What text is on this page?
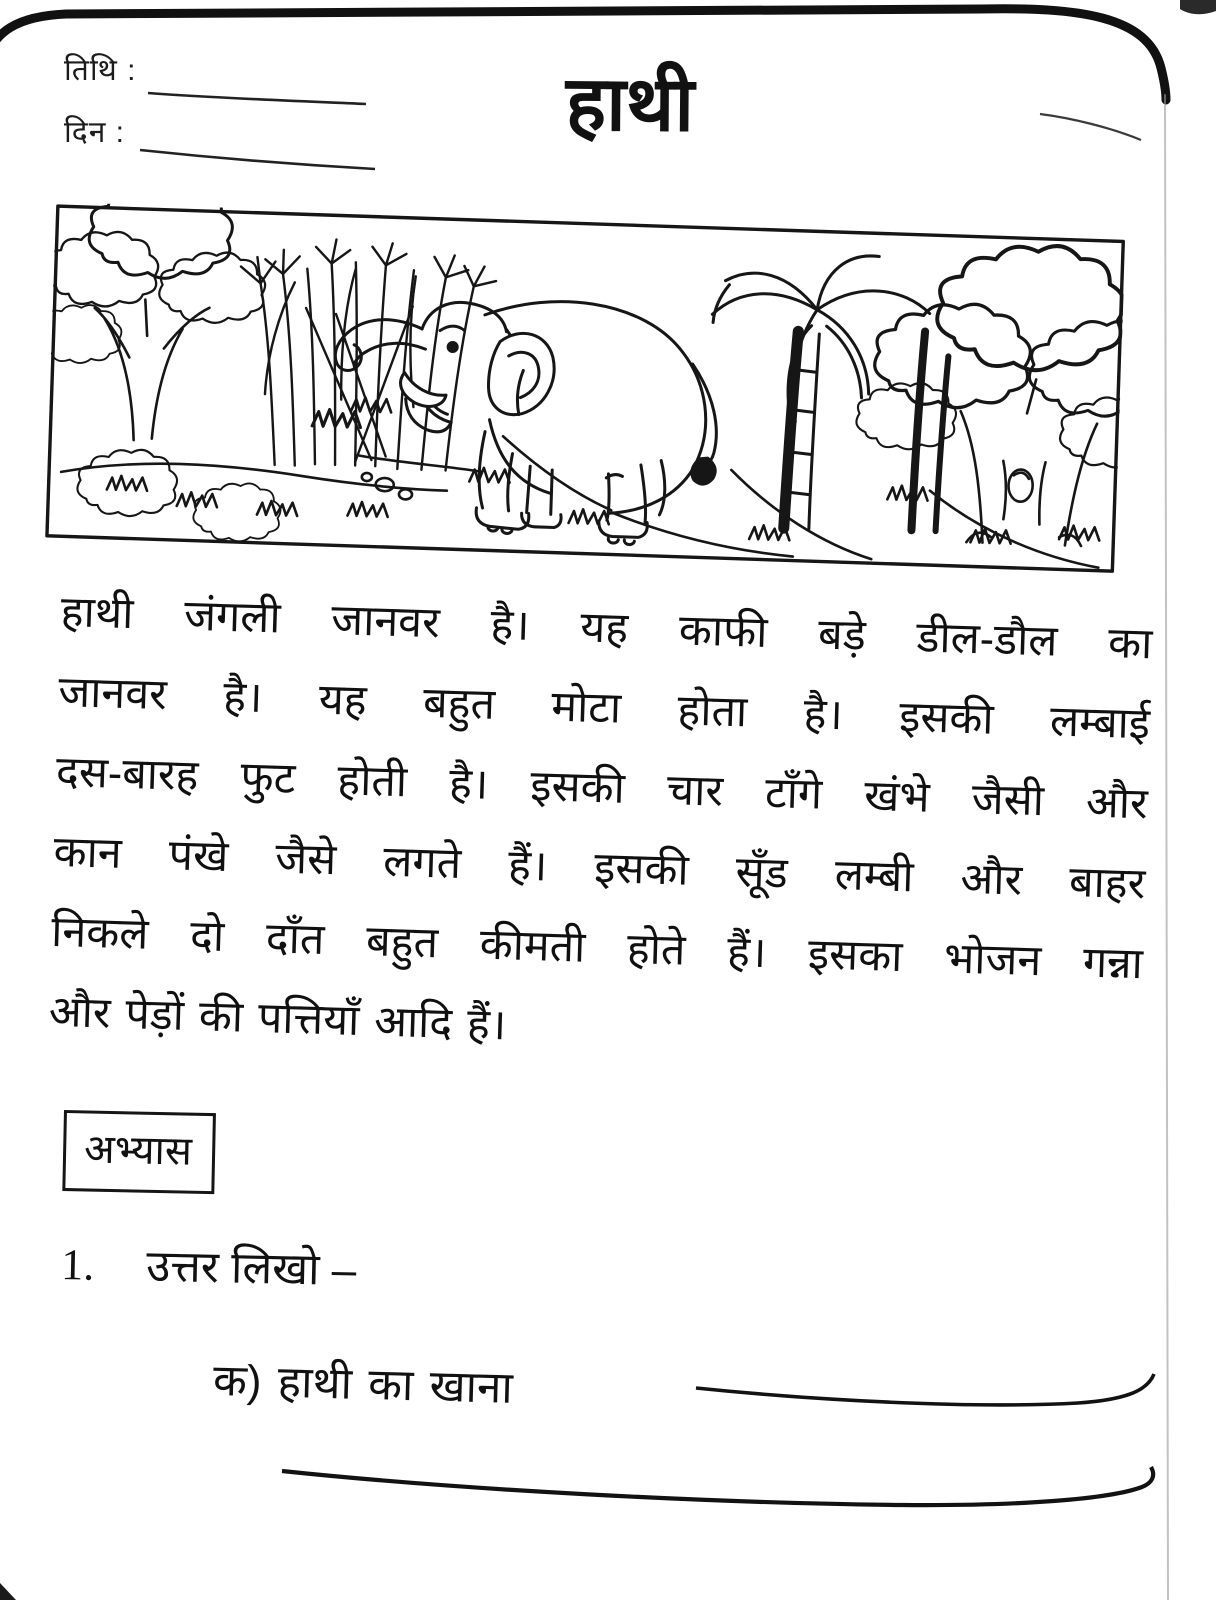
तिथि :
दिन :	हाथी
हाथी जंगली जानवर है। यह काफी बड़े डील-डौल का
जानवर है। यह बहुत मोटा होता है। इसकी लम्बाई
दस-बारह फुट होती है। इसकी चार टाँगे खंभे जैसी और
कान पंखे जैसे लगते हैं। इसकी सूँड लम्बी और बाहर
निकले दो दाँत बहुत कीमती होते हैं। इसका भोजन गन्ना
और पेड़ों की पत्तियाँ आदि हैं।
अभ्यास
1. उत्तर लिखो –
क) हाथी का खाना
